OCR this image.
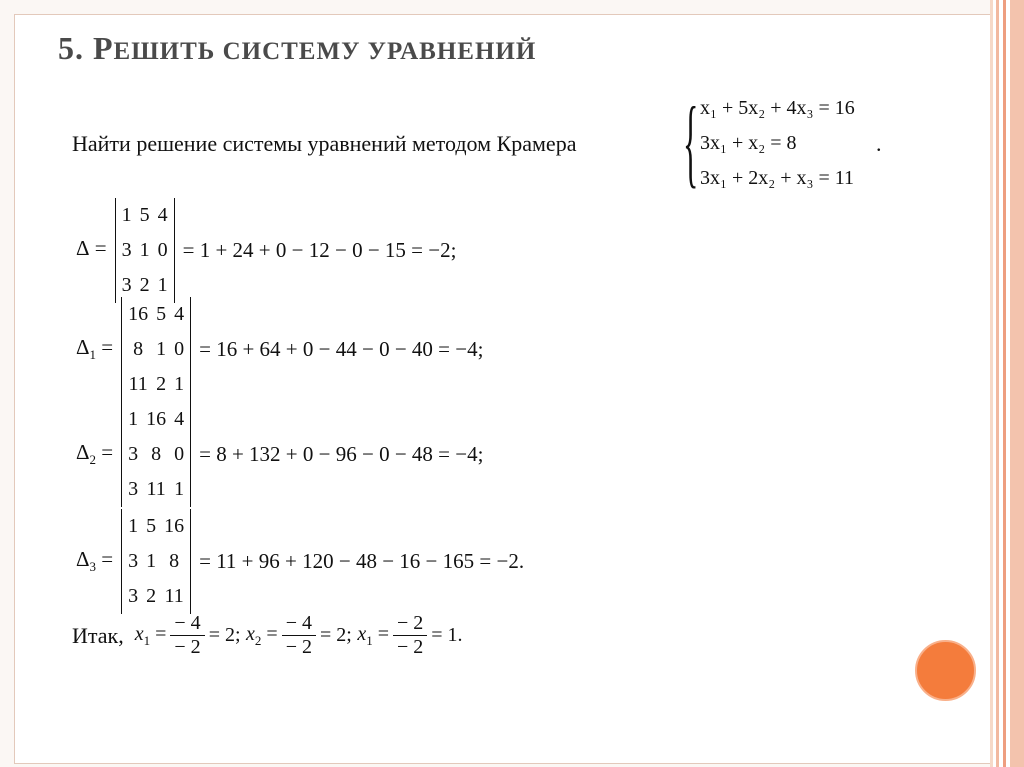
5. РЕШИТЬ СИСТЕМУ УРАВНЕНИЙ
Найти решение системы уравнений методом Крамера { x₁ + 5x₂ + 4x₃ = 16
3x₁ + x₂ = 8
3x₁ + 2x₂ + x₃ = 11
.
Δ =
1	5	4
3	1	0
3	2	1
= 1 + 24 + 0 − 12 − 0 − 15 = −2;
$\Delta_1$ =
16	5	4
8	1	0
11	2	1
= 16 + 64 + 0 − 44 − 0 − 40 = −4;
$\Delta_2$ =
1	16	4
3	8	0
3	11	1
= 8 + 132 + 0 − 96 − 0 − 48 = −4;
$\Delta_3$ =
1	5	16
3	1	8
3	2	11
= 11 + 96 + 120 − 48 − 16 − 165 = −2.
Итак,
$x_1 = \frac{- 4}{- 2} = 2$;
$x_2 = \frac{- 4}{- 2} = 2$;
$x_1 = \frac{- 2}{- 2} = 1$.
